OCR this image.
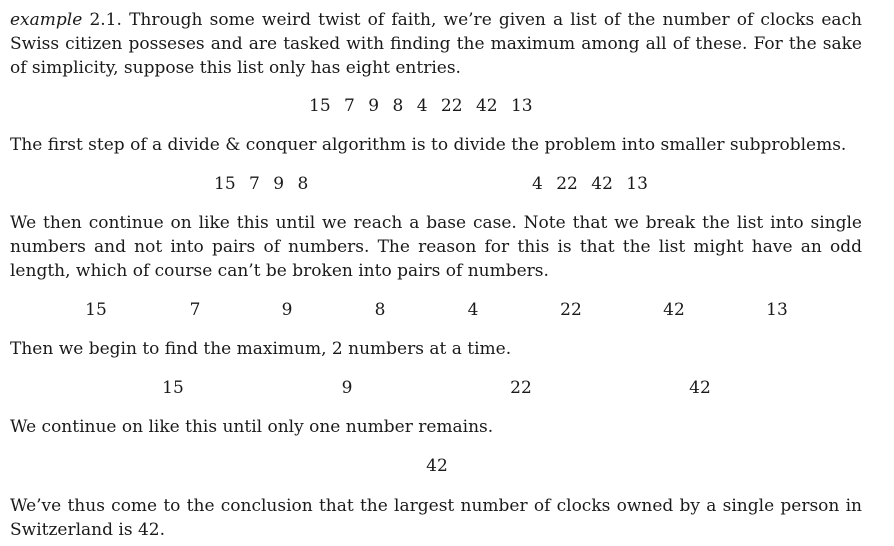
example 2.1. Through some weird twist of faith, we’re given a list of the number of clocks each Swiss citizen posseses and are tasked with finding the maximum among all of these. For the sake of simplicity, suppose this list only has eight entries.

15 7 9 8 4 22 42 13

The first step of a divide & conquer algorithm is to divide the problem into smaller subproblems.

15 7 9 8	4 22 42 13

We then continue on like this until we reach a base case. Note that we break the list into single numbers and not into pairs of numbers. The reason for this is that the list might have an odd length, which of course can’t be broken into pairs of numbers.

15	7	9	8	4	22	42	13

Then we begin to find the maximum, 2 numbers at a time.

15	9	22	42

We continue on like this until only one number remains.

42

We’ve thus come to the conclusion that the largest number of clocks owned by a single person in Switzerland is 42.
